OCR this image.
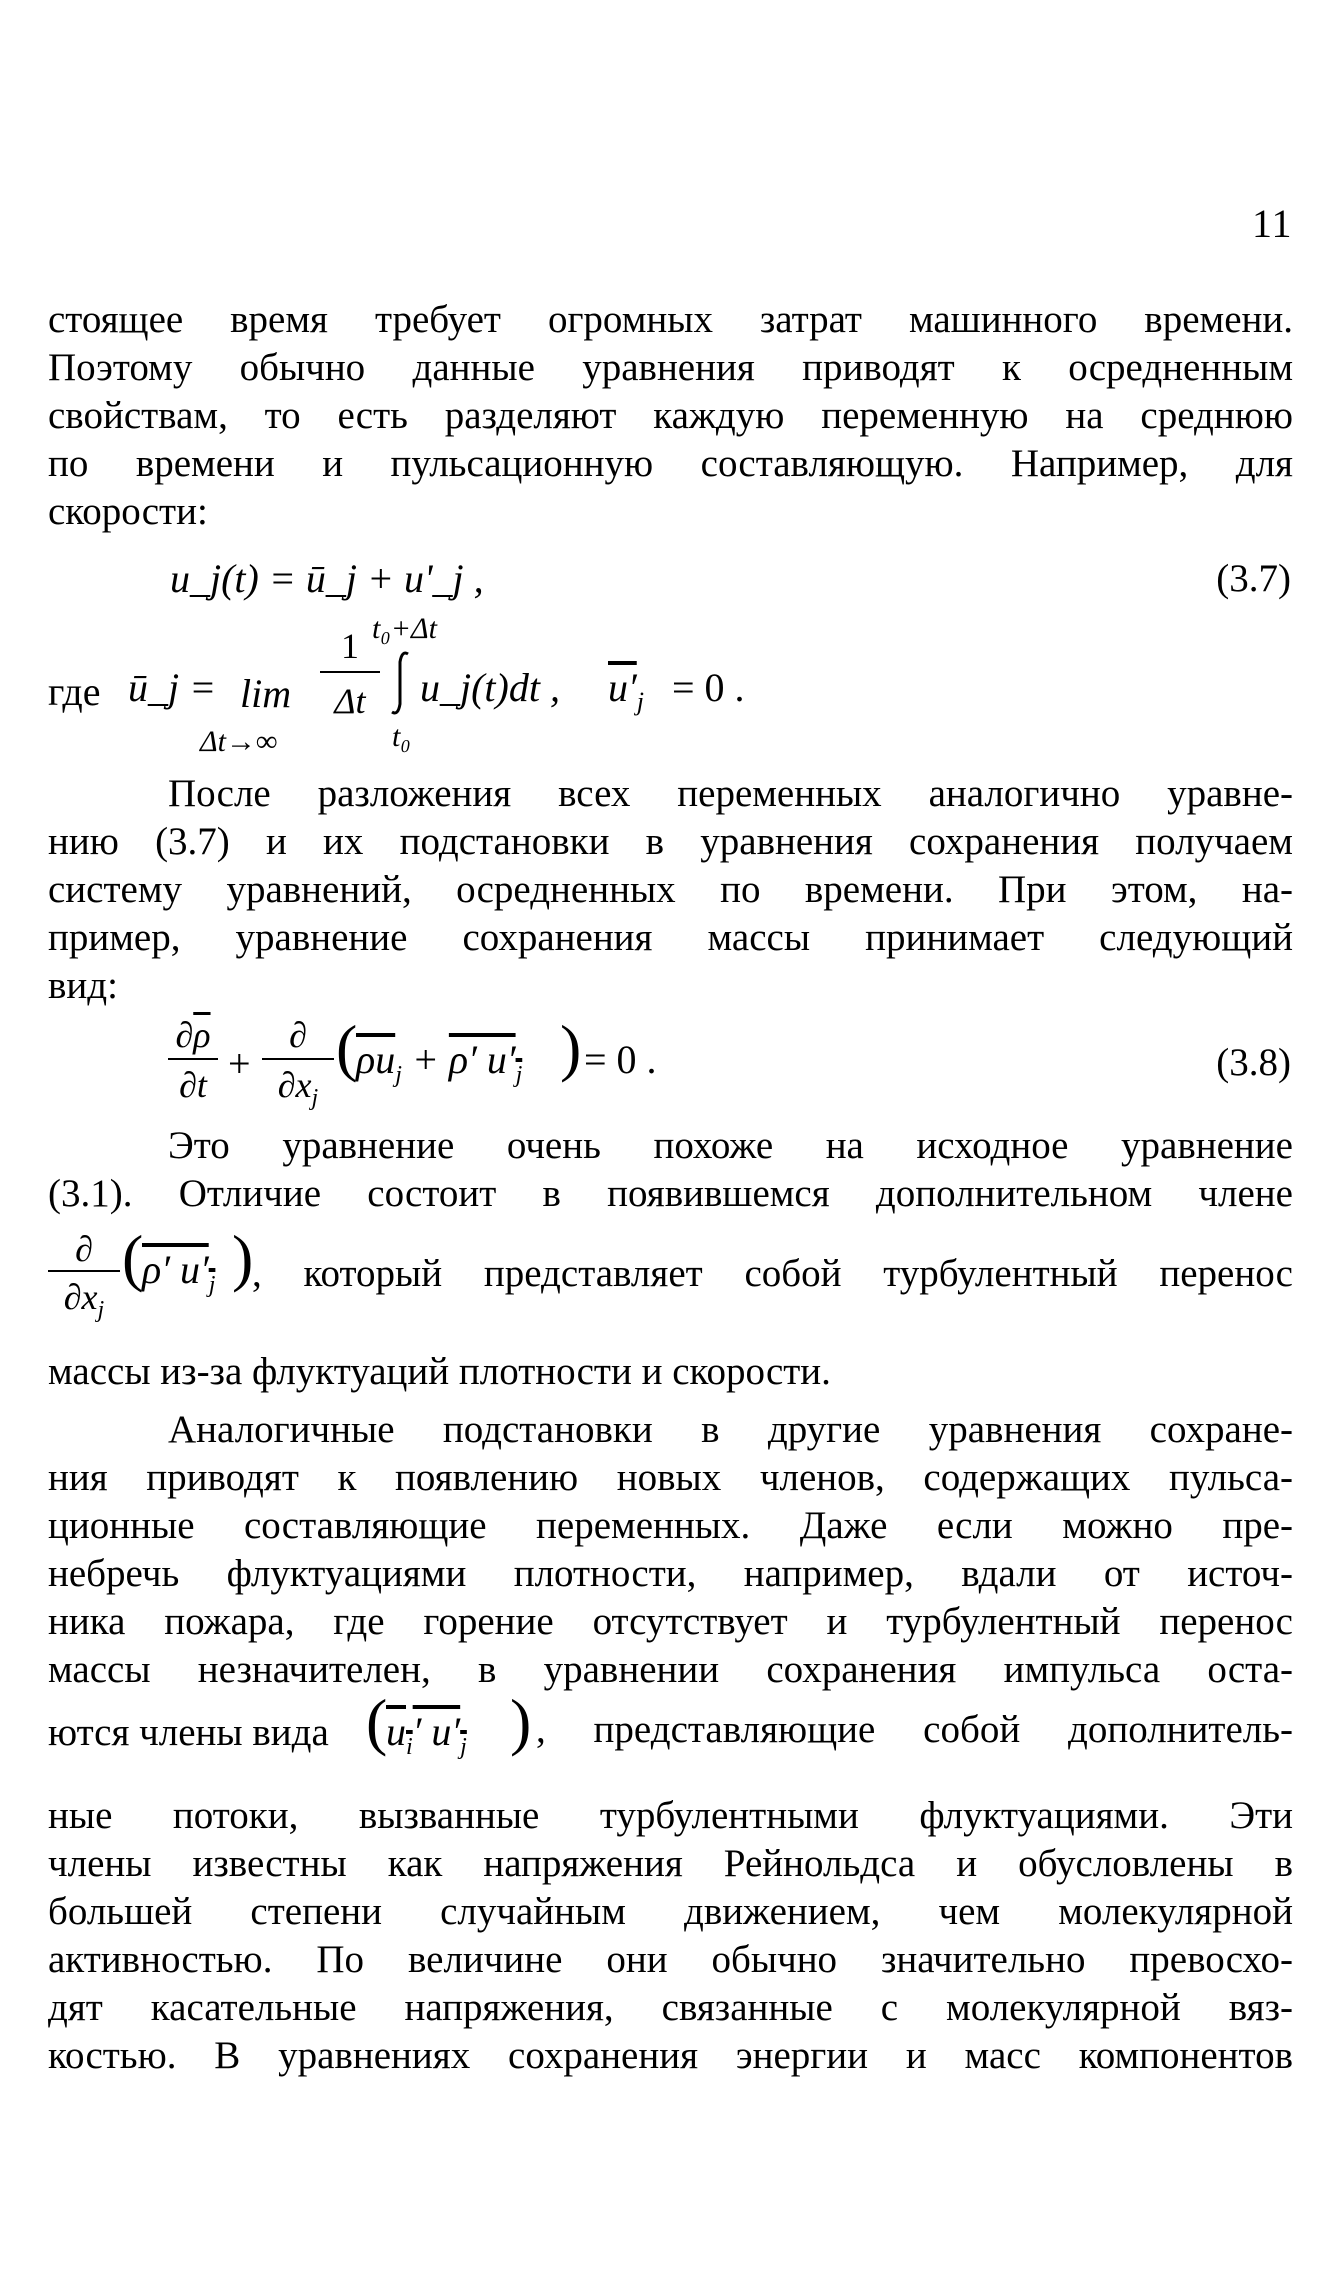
11
стоящее время требует огромных затрат машинного времени.
Поэтому обычно данные уравнения приводят к осредненным
свойствам, то есть разделяют каждую переменную на среднюю
по времени и пульсационную составляющую. Например, для
скорости:
u_j(t) = ū_j + u'_j ,	(3.7)
где ū_j = lim
Δt→∞
1
Δt
t₀+Δt
t₀
u_j(t)dt , $u'_j = 0$ .
После разложения всех переменных аналогично уравне-
нию (3.7) и их подстановки в уравнения сохранения получаем
систему уравнений, осредненных по времени. При этом, на-
пример, уравнение сохранения массы принимает следующий
вид:
$\partial\overline{\rho}$
∂t +
∂
$\partial x_j$
(
$\overline{\rho u}_j + \rho'$ $u'_j$ ) = 0 .	(3.8)
Это уравнение очень похоже на исходное уравнение
(3.1). Отличие состоит в появившемся дополнительном члене
∂
$\partial x_j$
(
ρ′ $u'_j$ )
, который представляет собой турбулентный перенос
массы из-за флуктуаций плотности и скорости.
Аналогичные подстановки в другие уравнения сохране-
ния приводят к появлению новых членов, содержащих пульса-
ционные составляющие переменных. Даже если можно пре-
небречь флуктуациями плотности, например, вдали от источ-
ника пожара, где горение отсутствует и турбулентный перенос
массы незначителен, в уравнении сохранения импульса оста-
ются члены вида (
$u_i'$ $u'_j$ ) , представляющие собой дополнитель-
ные потоки, вызванные турбулентными флуктуациями. Эти
члены известны как напряжения Рейнольдса и обусловлены в
большей степени случайным движением, чем молекулярной
активностью. По величине они обычно значительно превосхо-
дят касательные напряжения, связанные с молекулярной вяз-
костью. В уравнениях сохранения энергии и масс компонентов
